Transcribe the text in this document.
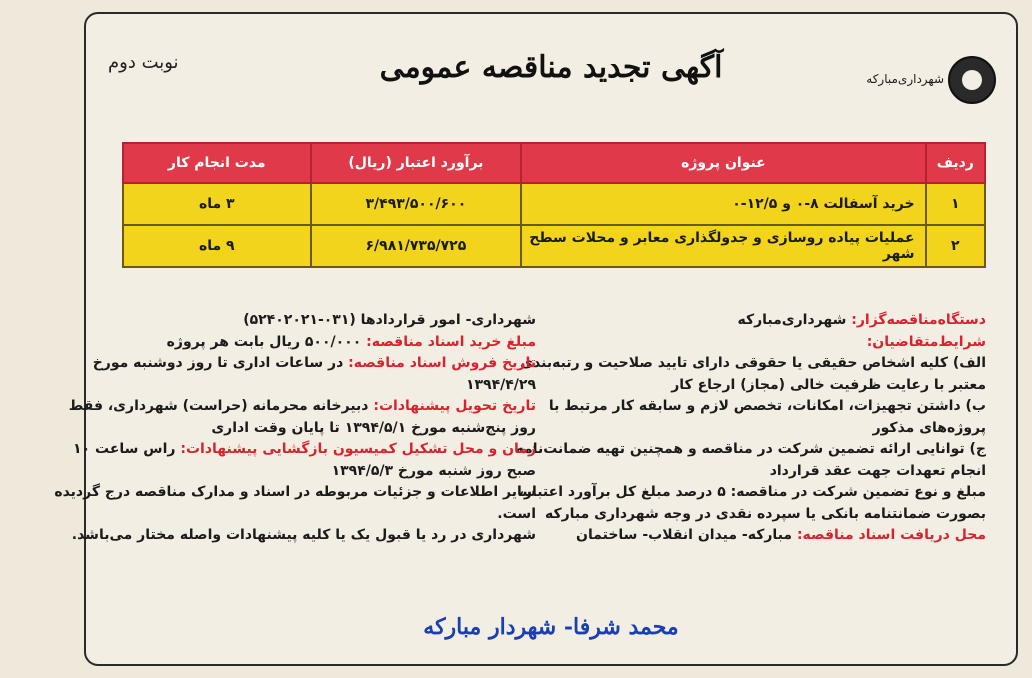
شهرداری‌مبارکه
آگهی تجدید مناقصه عمومی
نوبت دوم
ردیف	عنوان پروژه	برآورد اعتبار (ریال)	مدت انجام کار
۱	خرید آسفالت ۸-۰ و ۱۲/۵-۰	۳/۴۹۳/۵۰۰/۶۰۰	۳ ماه
۲	عملیات پیاده روسازی و جدولگذاری معابر و محلات سطح شهر	۶/۹۸۱/۷۳۵/۷۲۵	۹ ماه
دستگاه‌مناقصه‌گزار: شهرداری‌مبارکه
شرایط‌متقاضیان:
الف) کلیه اشخاص حقیقی یا حقوقی دارای تایید صلاحیت و رتبه‌بندی
معتبر با رعایت ظرفیت خالی (مجاز) ارجاع کار
ب) داشتن تجهیزات، امکانات، تخصص لازم و سابقه کار مرتبط با
پروژه‌های مذکور
ج) توانایی ارائه تضمین شرکت در مناقصه و همچنین تهیه ضمانت‌نامه
انجام تعهدات جهت عقد قرارداد
مبلغ و نوع تضمین شرکت در مناقصه: ۵ درصد مبلغ کل برآورد اعتبار،
بصورت ضمانتنامه بانکی یا سپرده نقدی در وجه شهرداری مبارکه
محل دریافت اسناد مناقصه: مبارکه- میدان انقلاب- ساختمان
شهرداری- امور قراردادها (۰۳۱-۵۲۴۰۲۰۲۱)
مبلغ خرید اسناد مناقصه: ۵۰۰/۰۰۰ ریال بابت هر پروژه
تاریخ فروش اسناد مناقصه: در ساعات اداری تا روز دوشنبه مورخ
۱۳۹۴/۴/۲۹
تاریخ تحویل پیشنهادات: دبیرخانه محرمانه (حراست) شهرداری، فقط
روز پنج‌شنبه مورخ ۱۳۹۴/۵/۱ تا پایان وقت اداری
زمان و محل تشکیل کمیسیون بازگشایی پیشنهادات: راس ساعت ۱۰
صبح روز شنبه مورخ ۱۳۹۴/۵/۳
سایر اطلاعات و جزئیات مربوطه در اسناد و مدارک مناقصه درج گردیده
است.
شهرداری در رد یا قبول یک یا کلیه پیشنهادات واصله مختار می‌باشد.
محمد شرفا- شهردار مبارکه
